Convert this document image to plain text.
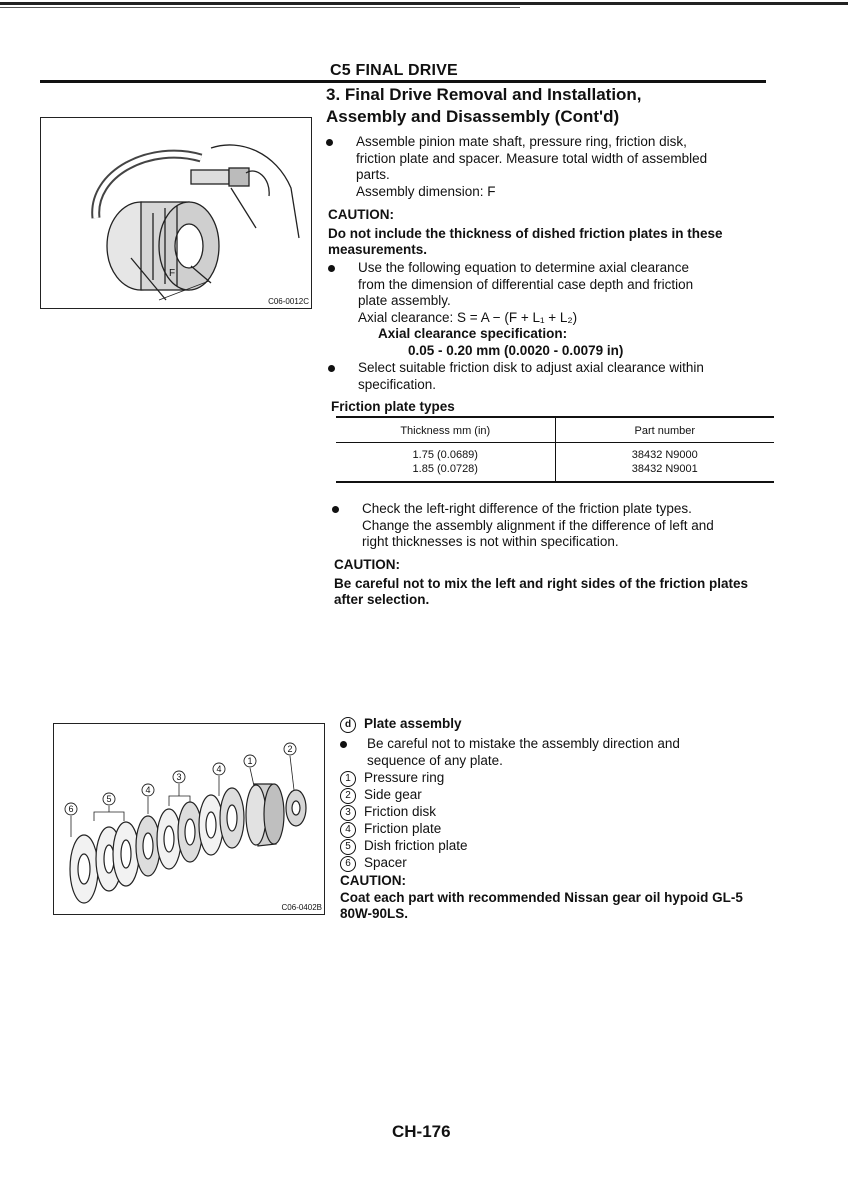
C5 FINAL DRIVE
3. Final Drive Removal and Installation,
Assembly and Disassembly (Cont'd)
F
C06-0012C
Assemble pinion mate shaft, pressure ring, friction disk,
friction plate and spacer. Measure total width of assembled
parts.
Assembly dimension: F
CAUTION:
Do not include the thickness of dished friction plates in these
measurements.
Use the following equation to determine axial clearance
from the dimension of differential case depth and friction
plate assembly.
Axial clearance: S = A − (F + L₁ + L₂)
Axial clearance specification:
0.05 - 0.20 mm (0.0020 - 0.0079 in)
Select suitable friction disk to adjust axial clearance within
specification.
Friction plate types
Thickness mm (in)	Part number
1.75 (0.0689)	38432 N9000
1.85 (0.0728)	38432 N9001
Check the left-right difference of the friction plate types.
Change the assembly alignment if the difference of left and
right thicknesses is not within specification.
CAUTION:
Be careful not to mix the left and right sides of the friction plates
after selection.
6
5
4
3
4
1
2
C06-0402B
d Plate assembly
Be careful not to mistake the assembly direction and
sequence of any plate.
1 Pressure ring
2 Side gear
3 Friction disk
4 Friction plate
5 Dish friction plate
6 Spacer
CAUTION:
Coat each part with recommended Nissan gear oil hypoid GL-5
80W-90LS.
CH-176
